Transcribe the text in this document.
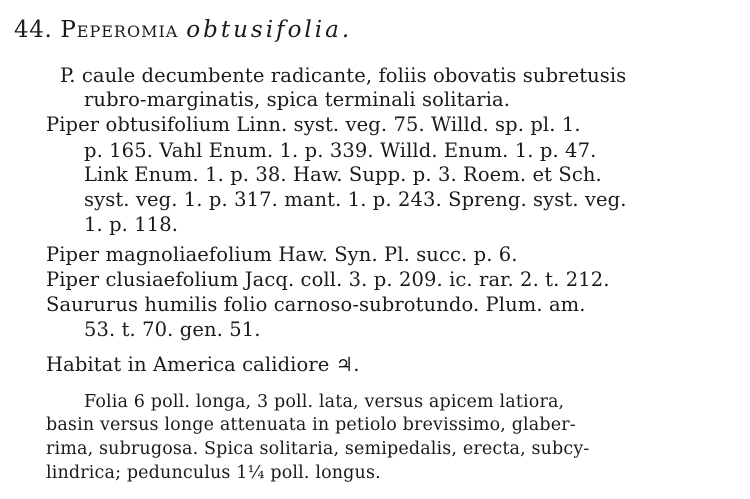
44. Peperomia obtusifolia.
P. caule decumbente radicante, foliis obovatis subretusis
rubro-marginatis, spica terminali solitaria.
Piper obtusifolium Linn. syst. veg. 75. Willd. sp. pl. 1.
p. 165. Vahl Enum. 1. p. 339. Willd. Enum. 1. p. 47.
Link Enum. 1. p. 38. Haw. Supp. p. 3. Roem. et Sch.
syst. veg. 1. p. 317. mant. 1. p. 243. Spreng. syst. veg.
1. p. 118.
Piper magnoliaefolium Haw. Syn. Pl. succ. p. 6.
Piper clusiaefolium Jacq. coll. 3. p. 209. ic. rar. 2. t. 212.
Saururus humilis folio carnoso-subrotundo. Plum. am.
53. t. 70. gen. 51.
Habitat in America calidiore ♃.
Folia 6 poll. longa, 3 poll. lata, versus apicem latiora,
basin versus longe attenuata in petiolo brevissimo, glaber-
rima, subrugosa. Spica solitaria, semipedalis, erecta, subcy-
lindrica; pedunculus 1¼ poll. longus.
